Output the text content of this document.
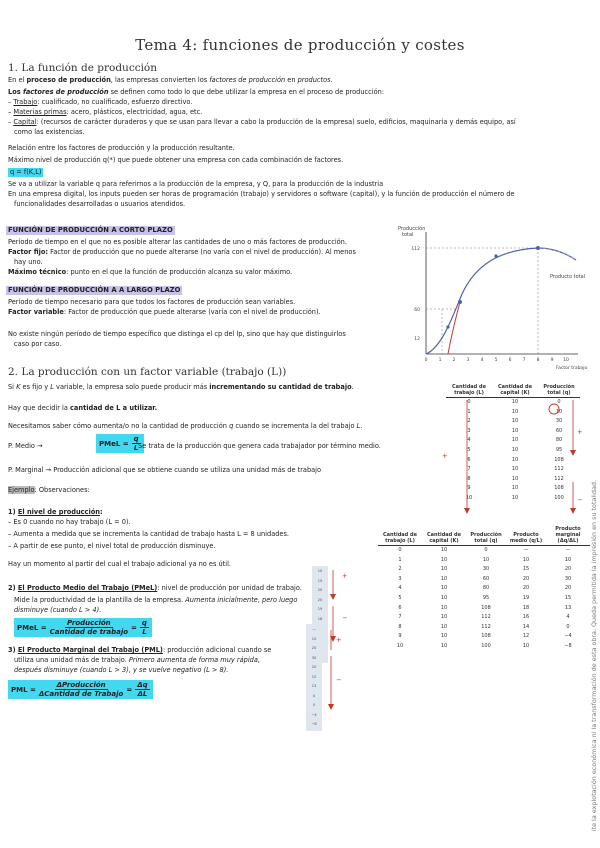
Tema 4: funciones de producción y costes
1. La función de producción
En el proceso de producción, las empresas convierten los factores de producción en productos.
Los factores de producción se definen como todo lo que debe utilizar la empresa en el proceso de producción:
– Trabajo: cualificado, no cualificado, esfuerzo directivo.
– Materias primas: acero, plásticos, electricidad, agua, etc.
– Capital: (recursos de carácter duraderos y que se usan para llevar a cabo la producción de la empresa) suelo, edificios, maquinaria y demás equipo, así
como las existencias.
Relación entre los factores de producción y la producción resultante.
Máximo nivel de producción q(*) que puede obtener una empresa con cada combinación de factores.
q = f(K,L)
Se va a utilizar la variable q para referirnos a la producción de la empresa, y Q, para la producción de la industria
En una empresa digital, los inputs pueden ser horas de programación (trabajo) y servidores o software (capital), y la función de producción el número de
funcionalidades desarrolladas o usuarios atendidos.
FUNCIÓN DE PRODUCCIÓN A CORTO PLAZO
Período de tiempo en el que no es posible alterar las cantidades de uno o más factores de producción.
Factor fijo: Factor de producción que no puede alterarse (no varía con el nivel de producción). Al menos
hay uno.
Máximo técnico: punto en el que la función de producción alcanza su valor máximo.
FUNCIÓN DE PRODUCCIÓN A A LARGO PLAZO
Período de tiempo necesario para que todos los factores de producción sean variables.
Factor variable: Factor de producción que puede alterarse (varía con el nivel de producción).
No existe ningún período de tiempo específico que distinga el cp del lp, sino que hay que distinguirlos
caso por caso.
Producción
total
112
60
12
Producto total
Factor trabajo
0 1 2 3 4 5 6 7 8 9 10
2. La producción con un factor variable (trabajo (L))
Si K es fijo y L variable, la empresa solo puede producir más incrementando su cantidad de trabajo.
Hay que decidir la cantidad de L a utilizar.
Necesitamos saber cómo aumenta/o no la cantidad de producción q cuando se incrementa la del trabajo L.
P. Medio →	PMeL = $\frac{q}{L}$
Se trata de la producción que genera cada trabajador por término medio.
P. Marginal → Producción adicional que se obtiene cuando se utiliza una unidad más de trabajo
Ejemplo: Observaciones:
1) El nivel de producción:
– Es 0 cuando no hay trabajo (L = 0).
– Aumenta a medida que se incrementa la cantidad de trabajo hasta L = 8 unidades.
– A partir de ese punto, el nivel total de producción disminuye.
Hay un momento al partir del cual el trabajo adicional ya no es útil.
2) El Producto Medio del Trabajo (PMeL): nivel de producción por unidad de trabajo.
Mide la productividad de la plantilla de la empresa. Aumenta inicialmente, pero luego
disminuye (cuando L > 4).
PMeL = $\frac{\text{Producción}}{\text{Cantidad de trabajo}} = \frac{q}{L}$
3) El Producto Marginal del Trabajo (PML): producción adicional cuando se
utiliza una unidad más de trabajo. Primero aumenta de forma muy rápida,
después disminuye (cuando L > 3), y se vuelve negativo (L > 8).
PML = $\frac{\text{ΔProducción}}{\text{ΔCantidad de Trabajo}} = \frac{\Delta q}{\Delta L}$
Cantidad de trabajo (L)	Cantidad de capital (K)	Producción total (q)
0	10	0
1	10	10
2	10	30
3	10	60
4	10	80
5	10	95
6	10	108
7	10	112
8	10	112
9	10	108
10	10	100
+
+
−
Cantidad de trabajo (L)	Cantidad de capital (K)	Producción total (q)	Producto medio (q/L)	Producto marginal (Δq/ΔL)
0	10	0	—	—
1	10	10	10	10
2	10	30	15	20
3	10	60	20	30
4	10	80	20	20
5	10	95	19	15
6	10	108	18	13
7	10	112	16	4
8	10	112	14	0
9	10	108	12	−4
10	10	100	10	−8
10
15
20
20
19
18

—
10
20
30
20
15
13
4
0
−4
−8
+
−
+
−	ite la explotación económica ni la transformación de esta obra. Queda permitida la impresión en su totalidad.
